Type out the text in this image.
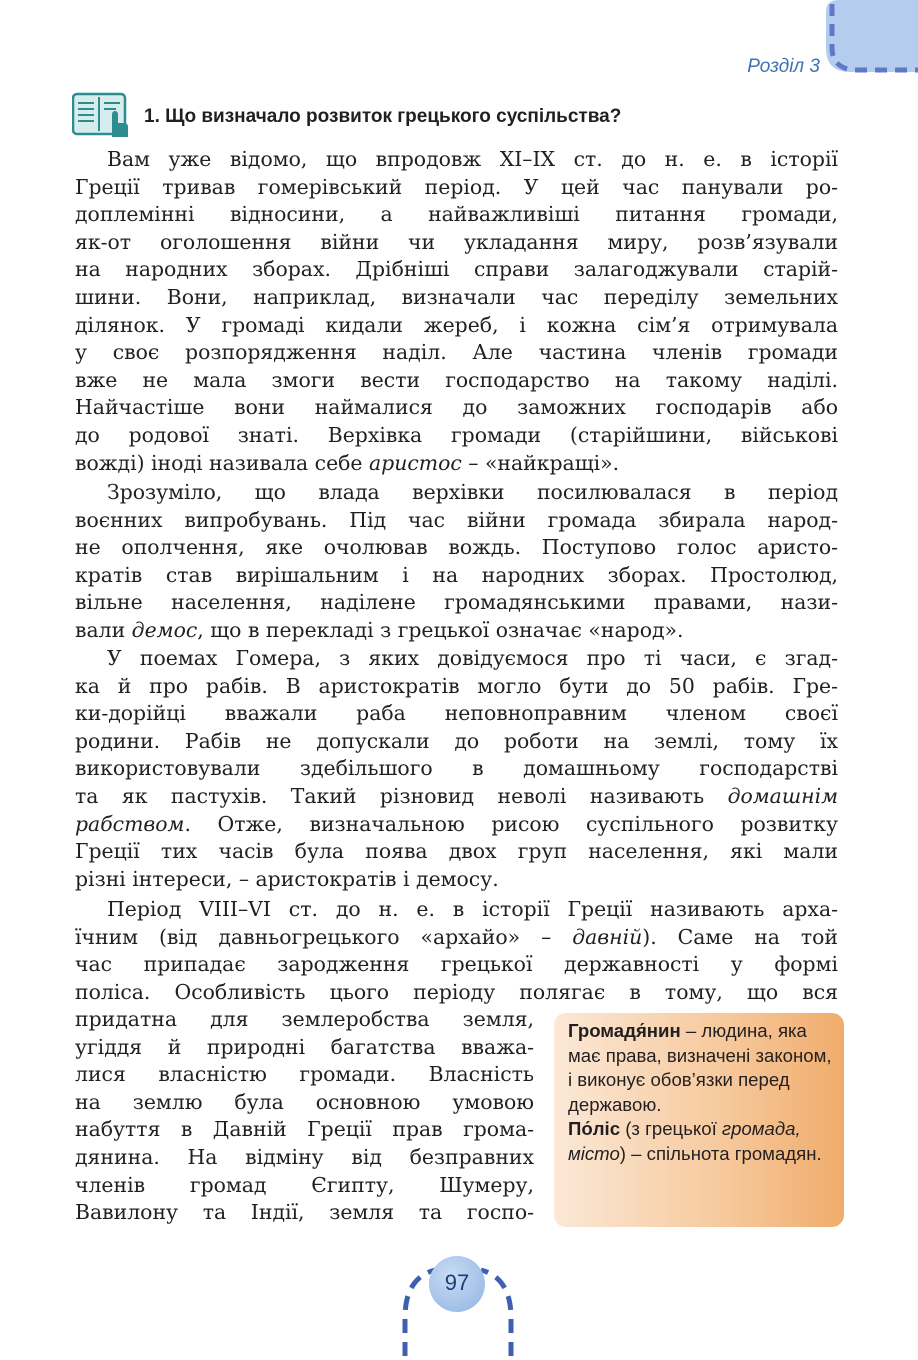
Розділ 3
1. Що визначало розвиток грецького суспільства?

Вам уже відомо, що впродовж XI–IX ст. до н. е. в історії

Греції тривав гомерівський період. У цей час панували ро-

доплемінні відносини, а найважливіші питання громади,

як-от оголошення війни чи укладання миру, розв’язували

на народних зборах. Дрібніші справи залагоджували старій-

шини. Вони, наприклад, визначали час переділу земельних

ділянок. У громаді кидали жереб, і кожна сім’я отримувала

у своє розпорядження наділ. Але частина членів громади

вже не мала змоги вести господарство на такому наділі.

Найчастіше вони наймалися до заможних господарів або

до родової знаті. Верхівка громади (старійшини, військові

вожді) іноді називала себе аристос – «найкращі».

Зрозуміло, що влада верхівки посилювалася в період

воєнних випробувань. Під час війни громада збирала народ-

не ополчення, яке очолював вождь. Поступово голос аристо-

кратів став вирішальним і на народних зборах. Простолюд,

вільне населення, наділене громадянськими правами, нази-

вали демос, що в перекладі з грецької означає «народ».

У поемах Гомера, з яких довідуємося про ті часи, є згад-

ка й про рабів. В аристократів могло бути до 50 рабів. Гре-

ки-дорійці вважали раба неповноправним членом своєї

родини. Рабів не допускали до роботи на землі, тому їх

використовували здебільшого в домашньому господарстві

та як пастухів. Такий різновид неволі називають домашнім

рабством. Отже, визначальною рисою суспільного розвитку

Греції тих часів була поява двох груп населення, які мали

різні інтереси, – аристократів і демосу.

Період VIII–VI ст. до н. е. в історії Греції називають арха-

їчним (від давньогрецького «архайо» – давній). Саме на той

час припадає зародження грецької державності у формі

поліса. Особливість цього періоду полягає в тому, що вся

придатна для землеробства земля,

угіддя й природні багатства вважа-

лися власністю громади. Власність

на землю була основною умовою

набуття в Давній Греції прав грома-

дянина. На відміну від безправних

членів громад Єгипту, Шумеру,

Вавилону та Індії, земля та госпо-

Громадя́нин – людина, яка має права, визначені законом, і виконує обов’язки перед державою.
По́ліс (з грецької громада, місто) – спільнота громадян.
97
